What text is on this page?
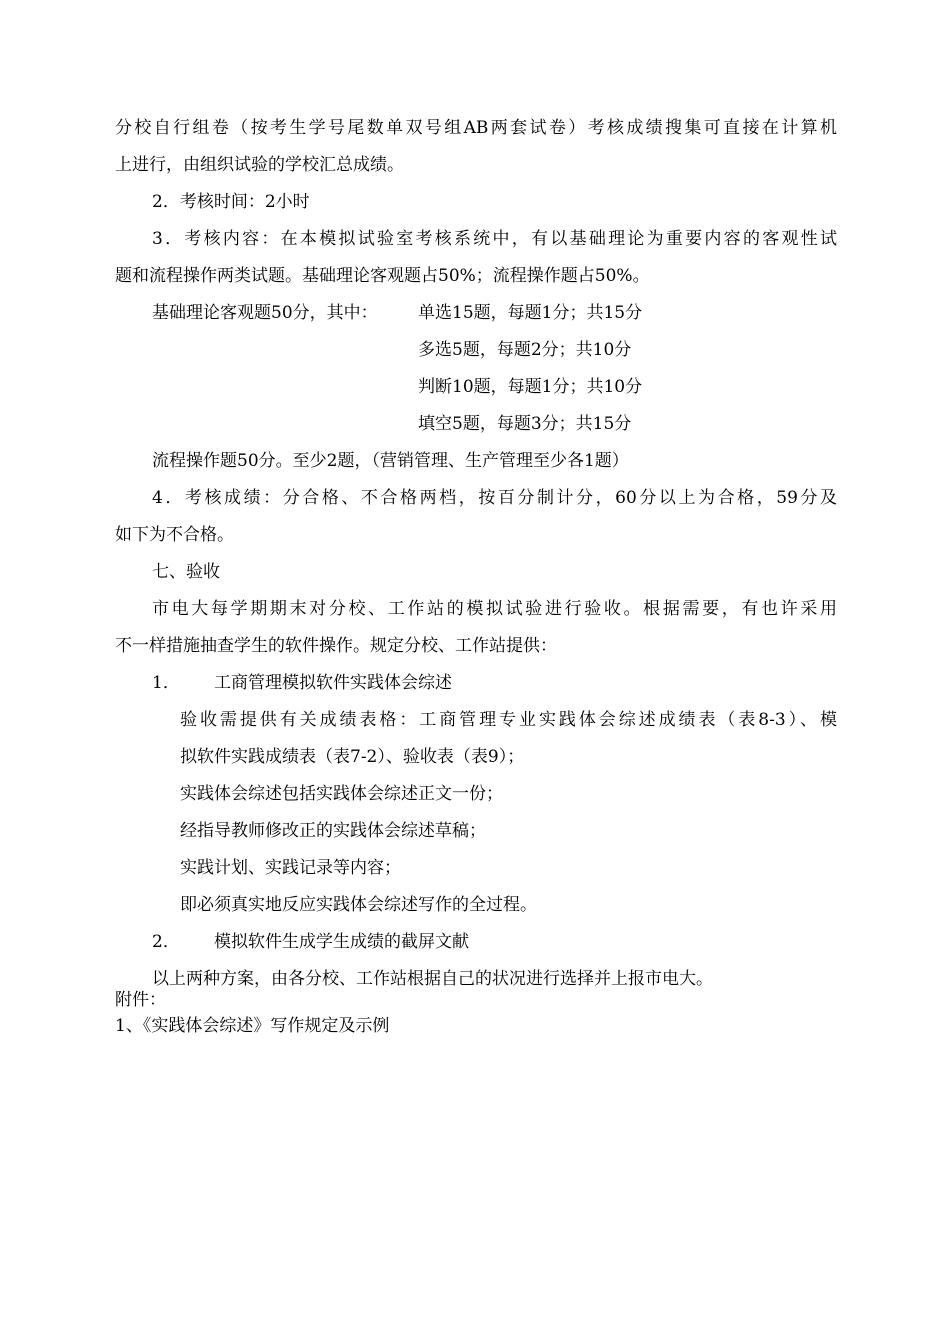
分校自行组卷（按考生学号尾数单双号组AB两套试卷）考核成绩搜集可直接在计算机

上进行，由组织试验的学校汇总成绩。

2．考核时间：2小时

3．考核内容：在本模拟试验室考核系统中，有以基础理论为重要内容的客观性试

题和流程操作两类试题。基础理论客观题占50%；流程操作题占50%。

基础理论客观题50分，其中： 单选15题，每题1分；共15分

多选5题，每题2分；共10分

判断10题，每题1分；共10分

填空5题，每题3分；共15分

流程操作题50分。至少2题，（营销管理、生产管理至少各1题）

4．考核成绩：分合格、不合格两档，按百分制计分，60分以上为合格，59分及

如下为不合格。

七、验收

市电大每学期期末对分校、工作站的模拟试验进行验收。根据需要，有也许采用

不一样措施抽查学生的软件操作。规定分校、工作站提供：

1． 工商管理模拟软件实践体会综述

验收需提供有关成绩表格：工商管理专业实践体会综述成绩表（表8-3）、模

拟软件实践成绩表（表7-2）、验收表（表9）；

实践体会综述包括实践体会综述正文一份；

经指导教师修改正的实践体会综述草稿；

实践计划、实践记录等内容；

即必须真实地反应实践体会综述写作的全过程。

2． 模拟软件生成学生成绩的截屏文献

以上两种方案，由各分校、工作站根据自己的状况进行选择并上报市电大。

附件：

1、《实践体会综述》写作规定及示例
